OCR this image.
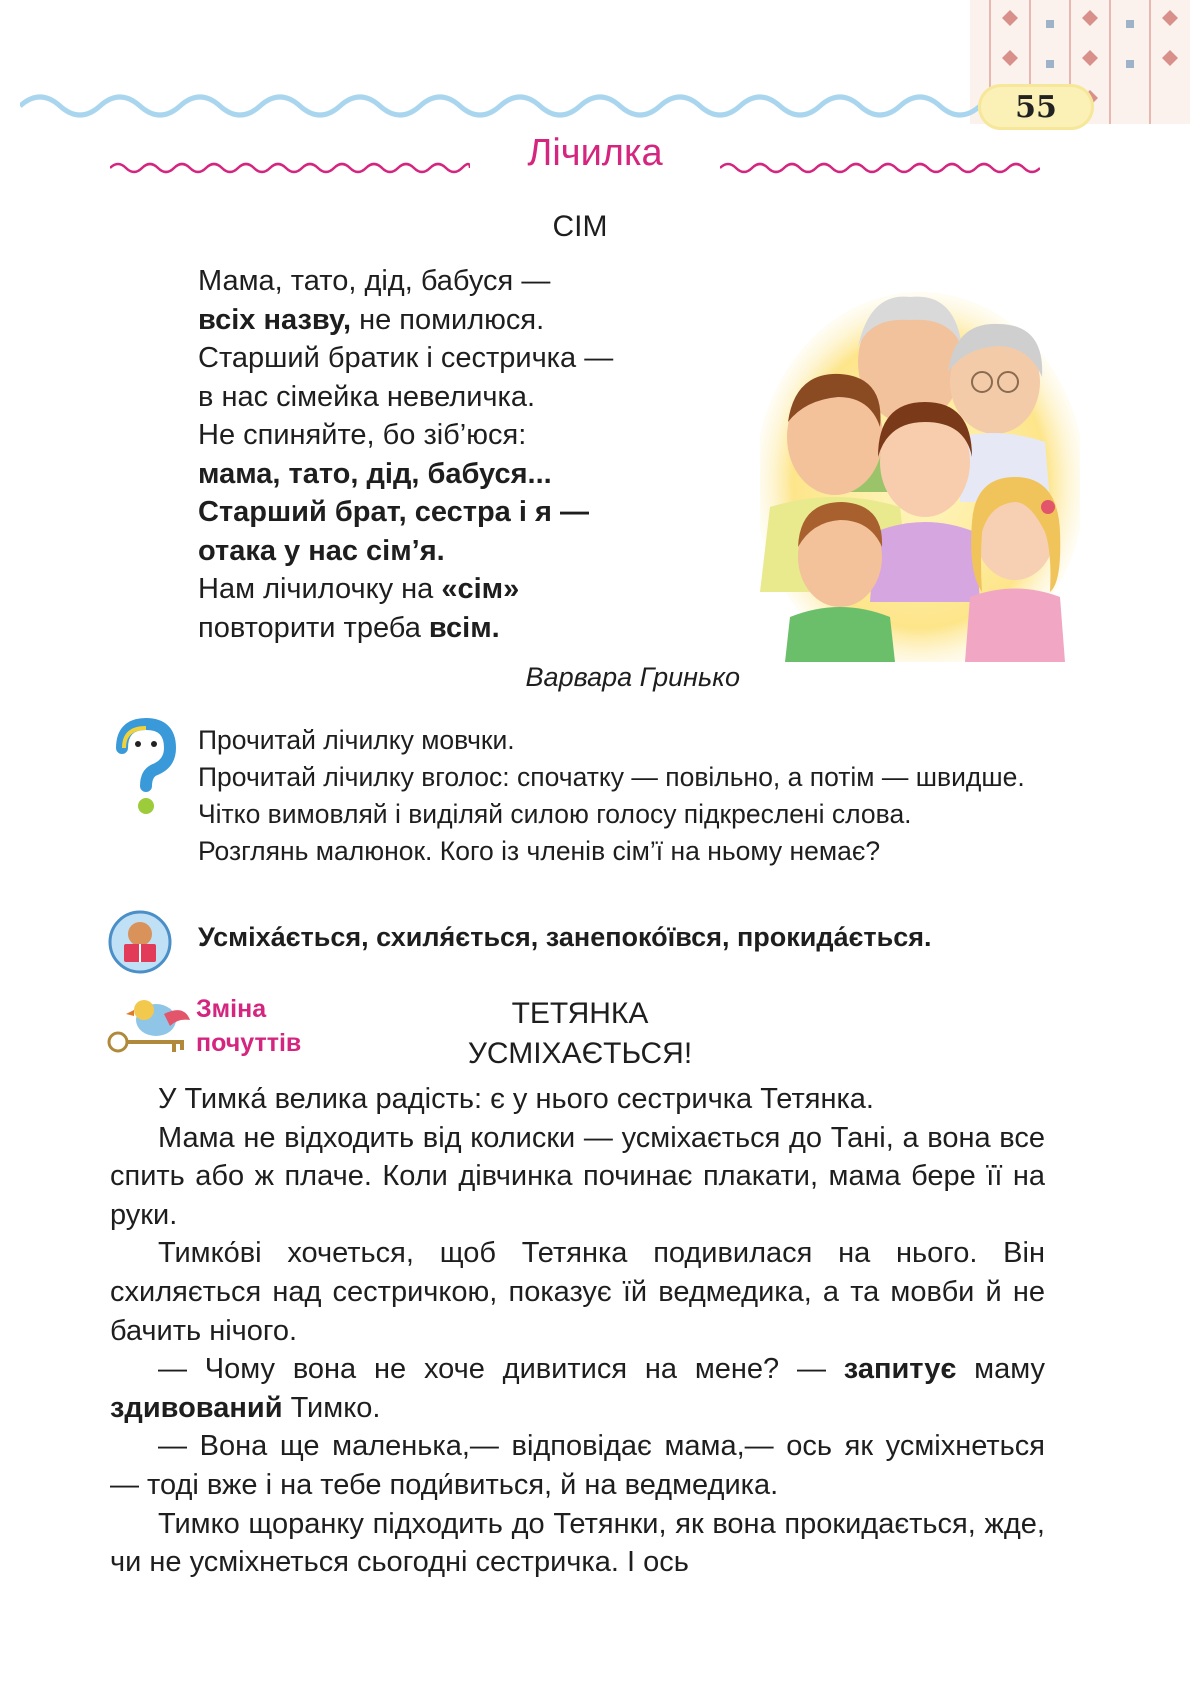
55
Лічилка
СІМ
Мама, тато, дід, бабуся —
всіх назву, не помилюся.
Старший братик і сестричка —
в нас сімейка невеличка.
Не спиняйте, бо зіб’юся:
мама, тато, дід, бабуся...
Старший брат, сестра і я —
отака у нас сім’я.
Нам лічилочку на «сім»
повторити треба всім.
Варвара Гринько

Прочитай лічилку мовчки.

Прочитай лічилку вголос: спочатку — повільно, а потім — швидше. Чітко вимовляй і виділяй силою голосу підкреслені слова.

Розглянь малюнок. Кого із членів сім’ї на ньому немає?

Усміха́ється, схиля́ється, занепоко́ївся, прокида́ється.
Зміна
почуттів
ТЕТЯНКА
УСМІХАЄТЬСЯ!

У Тимка́ велика радість: є у нього сестричка Тетянка.

Мама не відходить від колиски — усміхається до Тані, а вона все спить або ж плаче. Коли дівчинка починає плакати, мама бере її на руки.

Тимко́ві хочеться, щоб Тетянка подивилася на нього. Він схиляється над сестричкою, показує їй ведмедика, а та мовби й не бачить нічого.

— Чому вона не хоче дивитися на мене? — запитує маму здивований Тимко.

— Вона ще маленька,— відповідає мама,— ось як усміхнеться — тоді вже і на тебе поди́виться, й на ведмедика.

Тимко щоранку підходить до Тетянки, як вона прокидається, жде, чи не усміхнеться сьогодні сестричка. І ось
